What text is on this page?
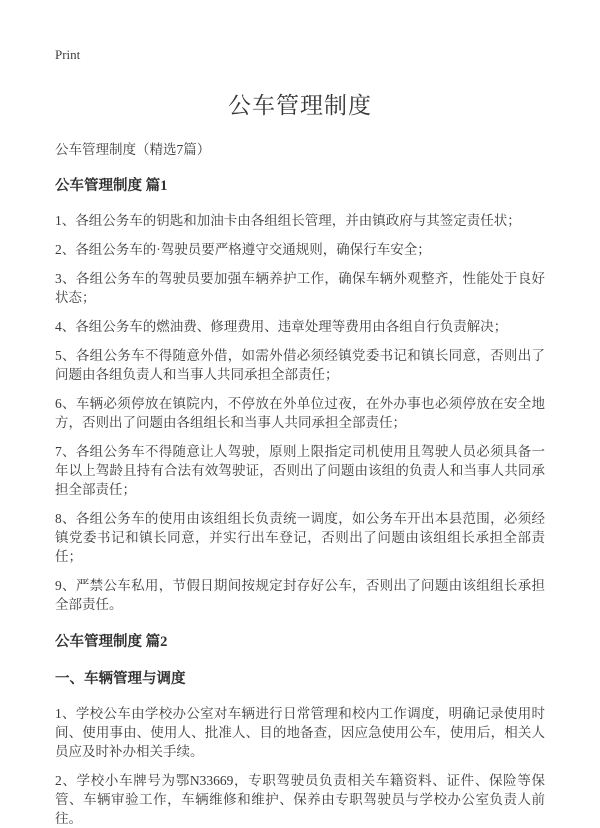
Print
公车管理制度

公车管理制度（精选7篇）

公车管理制度 篇1

1、各组公务车的钥匙和加油卡由各组组长管理，并由镇政府与其签定责任状；

2、各组公务车的·驾驶员要严格遵守交通规则，确保行车安全；

3、各组公务车的驾驶员要加强车辆养护工作，确保车辆外观整齐，性能处于良好状态；

4、各组公务车的燃油费、修理费用、违章处理等费用由各组自行负责解决；

5、各组公务车不得随意外借，如需外借必须经镇党委书记和镇长同意，否则出了问题由各组负责人和当事人共同承担全部责任；

6、车辆必须停放在镇院内，不停放在外单位过夜，在外办事也必须停放在安全地方，否则出了问题由各组组长和当事人共同承担全部责任；

7、各组公务车不得随意让人驾驶，原则上限指定司机使用且驾驶人员必须具备一年以上驾龄且持有合法有效驾驶证，否则出了问题由该组的负责人和当事人共同承担全部责任；

8、各组公务车的使用由该组组长负责统一调度，如公务车开出本县范围，必须经镇党委书记和镇长同意，并实行出车登记，否则出了问题由该组组长承担全部责任；

9、严禁公车私用，节假日期间按规定封存好公车，否则出了问题由该组组长承担全部责任。

公车管理制度 篇2
一、车辆管理与调度

1、学校公车由学校办公室对车辆进行日常管理和校内工作调度，明确记录使用时间、使用事由、使用人、批准人、目的地备查，因应急使用公车，使用后，相关人员应及时补办相关手续。

2、学校小车牌号为鄂N33669，专职驾驶员负责相关车籍资料、证件、保险等保管、车辆审验工作，车辆维修和维护、保养由专职驾驶员与学校办公室负责人前往。
